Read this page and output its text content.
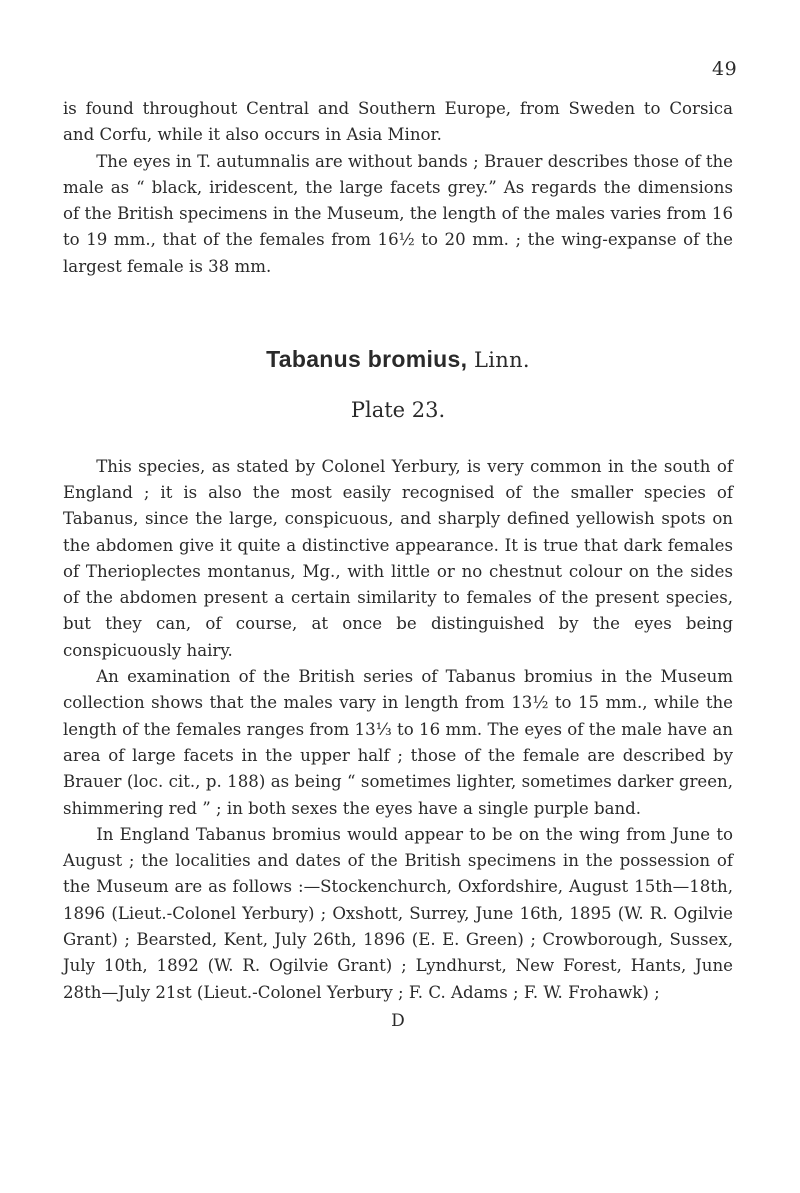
49

is found throughout Central and Southern Europe, from Sweden to Corsica and Corfu, while it also occurs in Asia Minor.

The eyes in T. autumnalis are without bands ; Brauer describes those of the male as “ black, iridescent, the large facets grey.” As regards the dimensions of the British specimens in the Museum, the length of the males varies from 16 to 19 mm., that of the females from 16½ to 20 mm. ; the wing-expanse of the largest female is 38 mm.

Tabanus bromius, Linn.
Plate 23.

This species, as stated by Colonel Yerbury, is very common in the south of England ; it is also the most easily recognised of the smaller species of Tabanus, since the large, conspicuous, and sharply defined yellowish spots on the abdomen give it quite a distinctive appearance. It is true that dark females of Therioplectes montanus, Mg., with little or no chestnut colour on the sides of the abdomen present a certain similarity to females of the present species, but they can, of course, at once be distinguished by the eyes being conspicuously hairy.

An examination of the British series of Tabanus bromius in the Museum collection shows that the males vary in length from 13½ to 15 mm., while the length of the females ranges from 13⅓ to 16 mm. The eyes of the male have an area of large facets in the upper half ; those of the female are described by Brauer (loc. cit., p. 188) as being “ sometimes lighter, sometimes darker green, shimmering red ” ; in both sexes the eyes have a single purple band.

In England Tabanus bromius would appear to be on the wing from June to August ; the localities and dates of the British specimens in the possession of the Museum are as follows :—Stockenchurch, Oxfordshire, August 15th—18th, 1896 (Lieut.-Colonel Yerbury) ; Oxshott, Surrey, June 16th, 1895 (W. R. Ogilvie Grant) ; Bearsted, Kent, July 26th, 1896 (E. E. Green) ; Crowborough, Sussex, July 10th, 1892 (W. R. Ogilvie Grant) ; Lyndhurst, New Forest, Hants, June 28th—July 21st (Lieut.-Colonel Yerbury ; F. C. Adams ; F. W. Frohawk) ;

D
